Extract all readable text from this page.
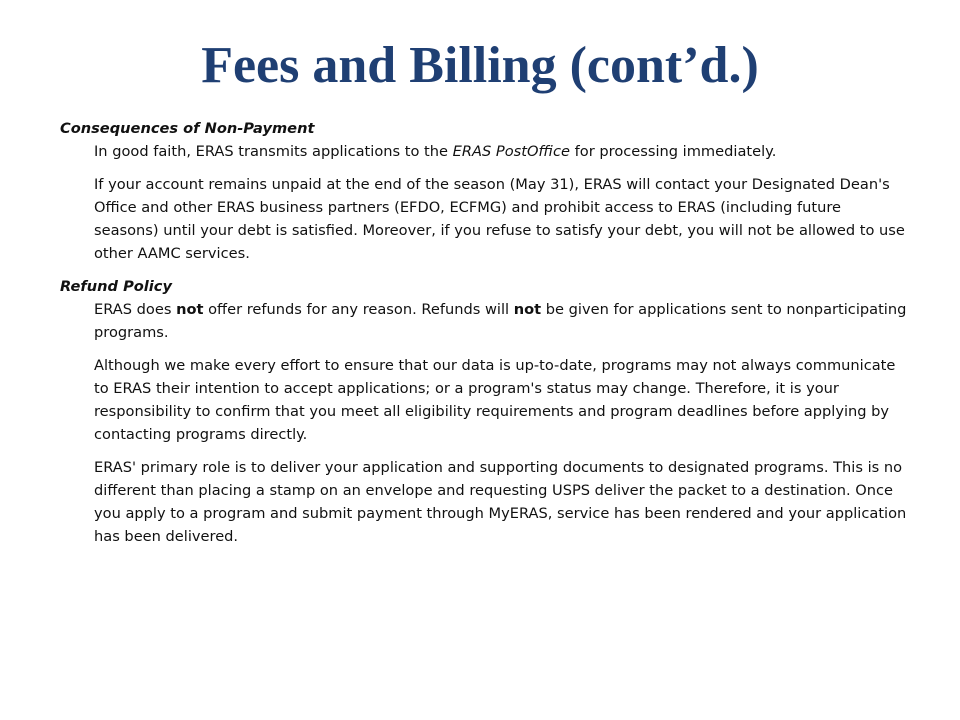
Fees and Billing (cont’d.)

Consequences of Non-Payment

In good faith, ERAS transmits applications to the ERAS PostOffice for processing immediately.

If your account remains unpaid at the end of the season (May 31), ERAS will contact your Designated Dean's Office and other ERAS business partners (EFDO, ECFMG) and prohibit access to ERAS (including future seasons) until your debt is satisfied. Moreover, if you refuse to satisfy your debt, you will not be allowed to use other AAMC services.

Refund Policy

ERAS does not offer refunds for any reason. Refunds will not be given for applications sent to nonparticipating programs.

Although we make every effort to ensure that our data is up-to-date, programs may not always communicate to ERAS their intention to accept applications; or a program's status may change. Therefore, it is your responsibility to confirm that you meet all eligibility requirements and program deadlines before applying by contacting programs directly.

ERAS' primary role is to deliver your application and supporting documents to designated programs. This is no different than placing a stamp on an envelope and requesting USPS deliver the packet to a destination. Once you apply to a program and submit payment through MyERAS, service has been rendered and your application has been delivered.
